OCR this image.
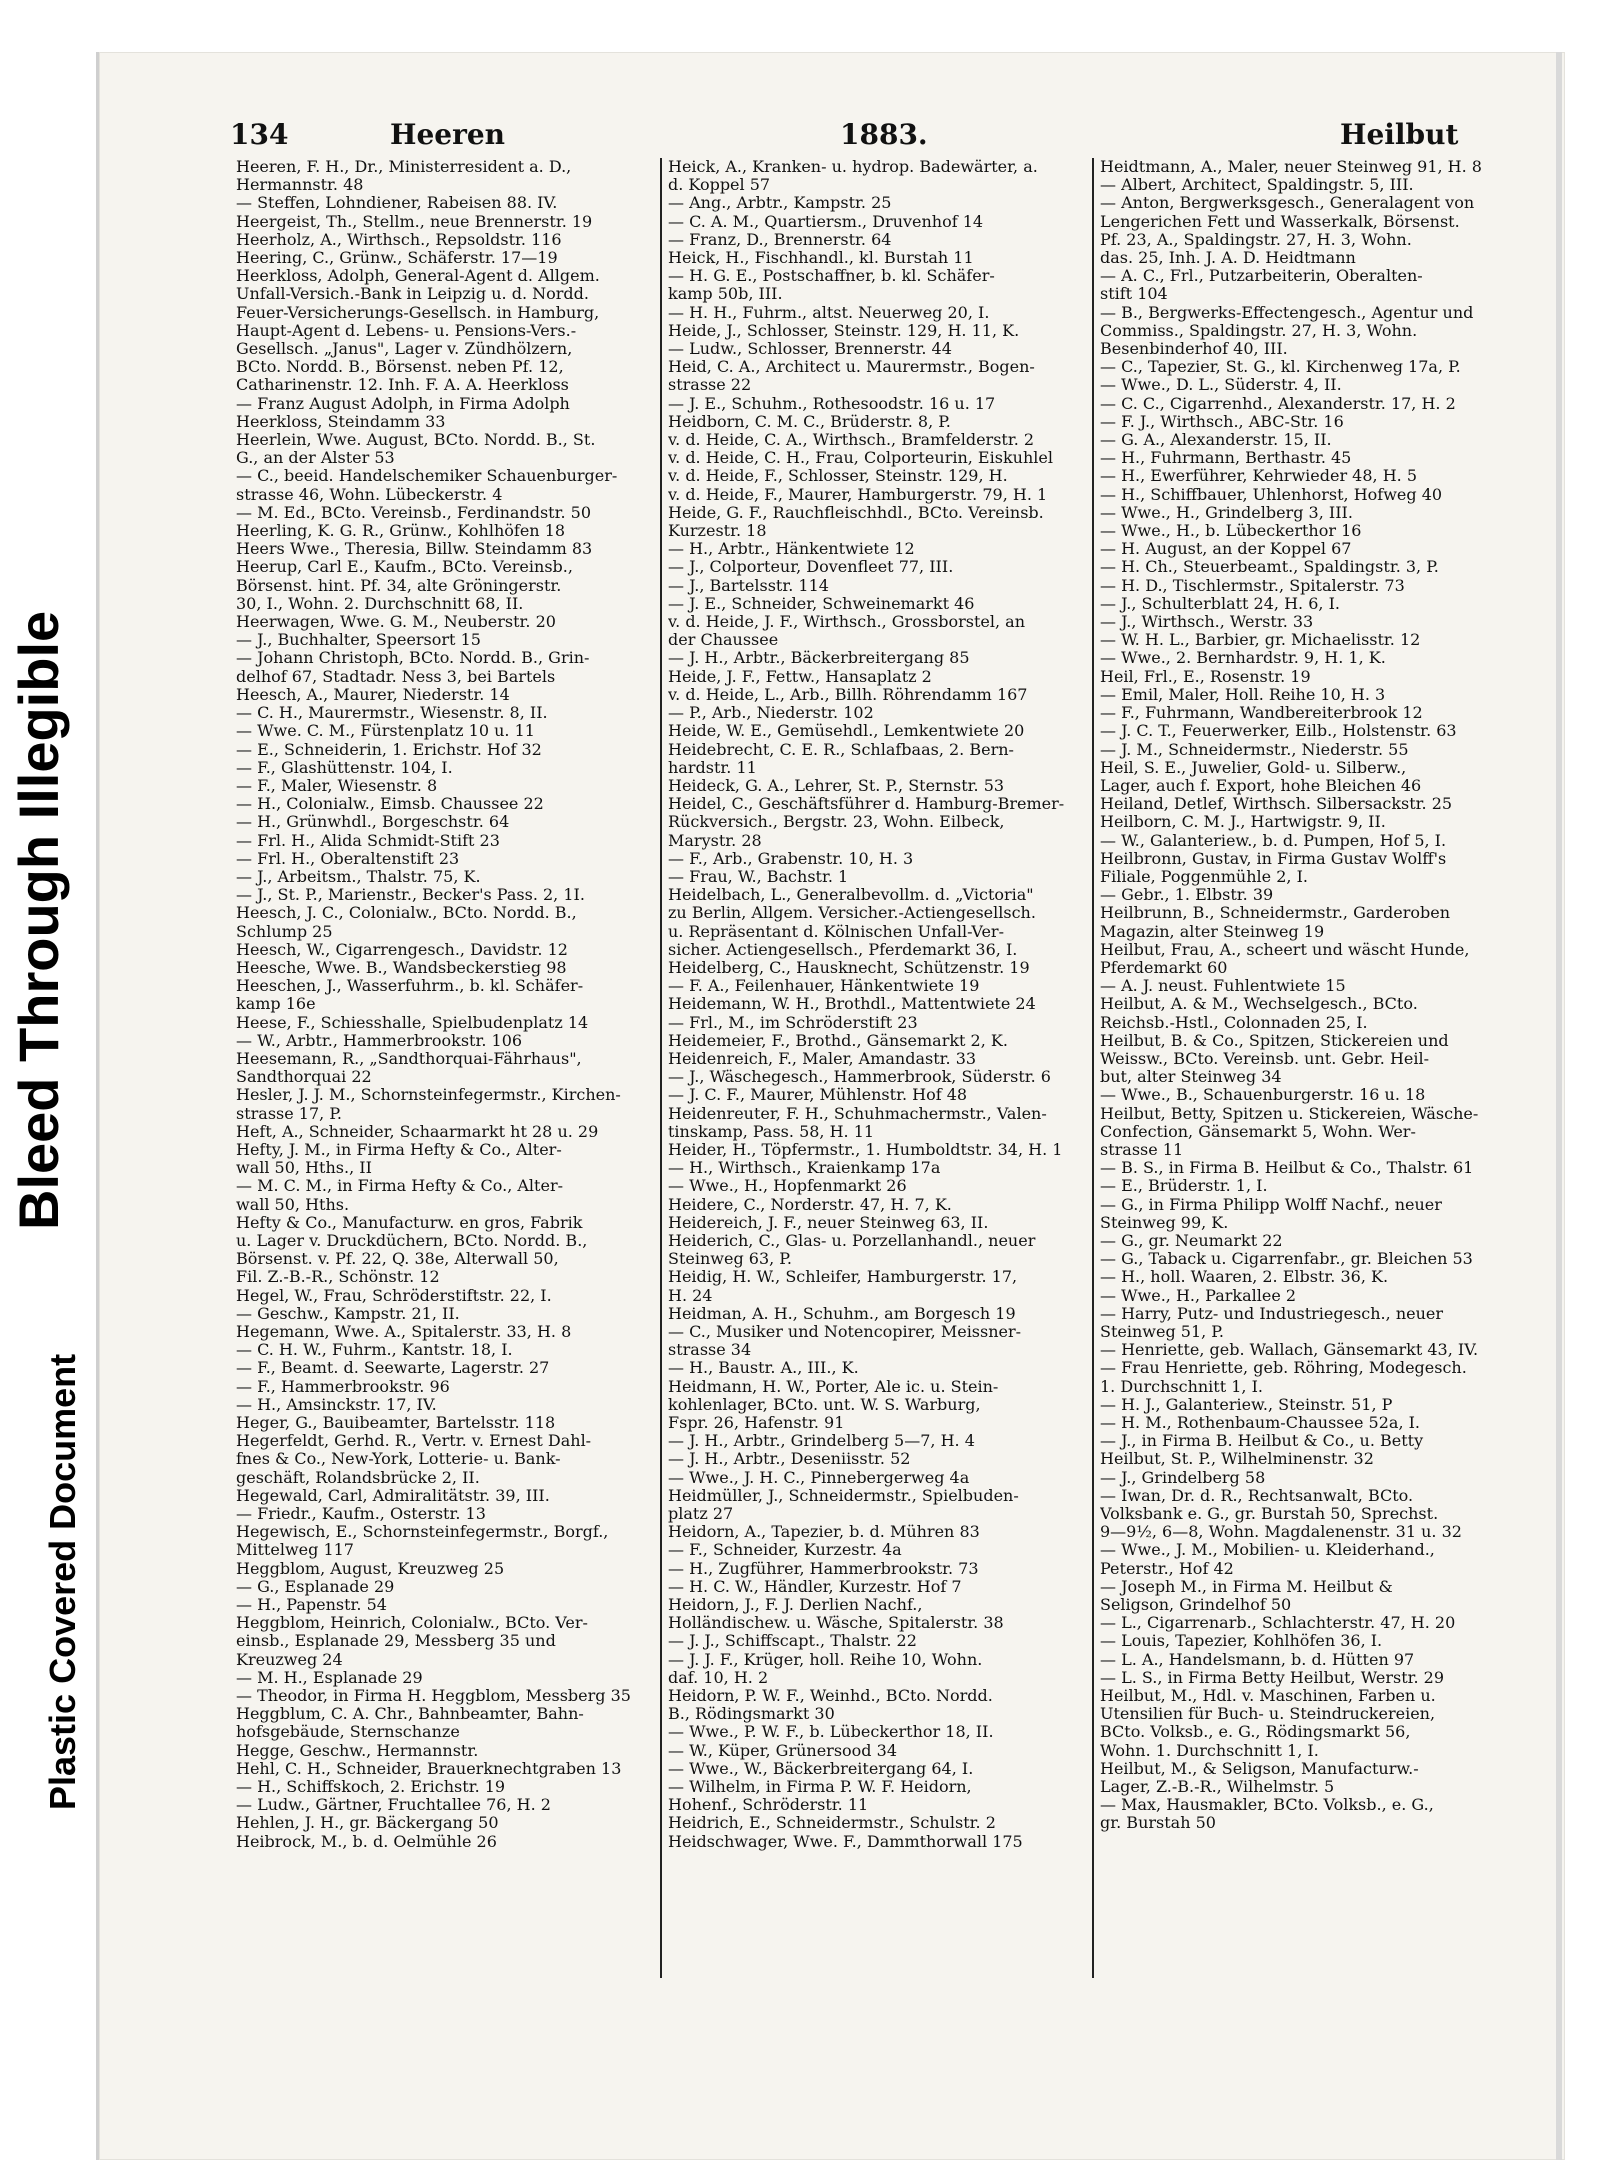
Bleed Through Illegible
Plastic Covered Document
134	Heeren	1883.	Heilbut
Heeren, F. H., Dr., Ministerresident a. D.,
Hermannstr. 48
— Steffen, Lohndiener, Rabeisen 88. IV.
Heergeist, Th., Stellm., neue Brennerstr. 19
Heerholz, A., Wirthsch., Repsoldstr. 116
Heering, C., Grünw., Schäferstr. 17—19
Heerkloss, Adolph, General-Agent d. Allgem.
Unfall-Versich.-Bank in Leipzig u. d. Nordd.
Feuer-Versicherungs-Gesellsch. in Hamburg,
Haupt-Agent d. Lebens- u. Pensions-Vers.-
Gesellsch. „Janus", Lager v. Zündhölzern,
BCto. Nordd. B., Börsenst. neben Pf. 12,
Catharinenstr. 12. Inh. F. A. A. Heerkloss
— Franz August Adolph, in Firma Adolph
Heerkloss, Steindamm 33
Heerlein, Wwe. August, BCto. Nordd. B., St.
G., an der Alster 53
— C., beeid. Handelschemiker Schauenburger-
strasse 46, Wohn. Lübeckerstr. 4
— M. Ed., BCto. Vereinsb., Ferdinandstr. 50
Heerling, K. G. R., Grünw., Kohlhöfen 18
Heers Wwe., Theresia, Billw. Steindamm 83
Heerup, Carl E., Kaufm., BCto. Vereinsb.,
Börsenst. hint. Pf. 34, alte Gröningerstr.
30, I., Wohn. 2. Durchschnitt 68, II.
Heerwagen, Wwe. G. M., Neuberstr. 20
— J., Buchhalter, Speersort 15
— Johann Christoph, BCto. Nordd. B., Grin-
delhof 67, Stadtadr. Ness 3, bei Bartels
Heesch, A., Maurer, Niederstr. 14
— C. H., Maurermstr., Wiesenstr. 8, II.
— Wwe. C. M., Fürstenplatz 10 u. 11
— E., Schneiderin, 1. Erichstr. Hof 32
— F., Glashüttenstr. 104, I.
— F., Maler, Wiesenstr. 8
— H., Colonialw., Eimsb. Chaussee 22
— H., Grünwhdl., Borgeschstr. 64
— Frl. H., Alida Schmidt-Stift 23
— Frl. H., Oberaltenstift 23
— J., Arbeitsm., Thalstr. 75, K.
— J., St. P., Marienstr., Becker's Pass. 2, 1I.
Heesch, J. C., Colonialw., BCto. Nordd. B.,
Schlump 25
Heesch, W., Cigarrengesch., Davidstr. 12
Heesche, Wwe. B., Wandsbeckerstieg 98
Heeschen, J., Wasserfuhrm., b. kl. Schäfer-
kamp 16e
Heese, F., Schiesshalle, Spielbudenplatz 14
— W., Arbtr., Hammerbrookstr. 106
Heesemann, R., „Sandthorquai-Fährhaus",
Sandthorquai 22
Hesler, J. J. M., Schornsteinfegermstr., Kirchen-
strasse 17, P.
Heft, A., Schneider, Schaarmarkt ht 28 u. 29
Hefty, J. M., in Firma Hefty & Co., Alter-
wall 50, Hths., II
— M. C. M., in Firma Hefty & Co., Alter-
wall 50, Hths.
Hefty & Co., Manufacturw. en gros, Fabrik
u. Lager v. Druckdüchern, BCto. Nordd. B.,
Börsenst. v. Pf. 22, Q. 38e, Alterwall 50,
Fil. Z.-B.-R., Schönstr. 12
Hegel, W., Frau, Schröderstiftstr. 22, I.
— Geschw., Kampstr. 21, II.
Hegemann, Wwe. A., Spitalerstr. 33, H. 8
— C. H. W., Fuhrm., Kantstr. 18, I.
— F., Beamt. d. Seewarte, Lagerstr. 27
— F., Hammerbrookstr. 96
— H., Amsinckstr. 17, IV.
Heger, G., Bauibeamter, Bartelsstr. 118
Hegerfeldt, Gerhd. R., Vertr. v. Ernest Dahl-
fnes & Co., New-York, Lotterie- u. Bank-
geschäft, Rolandsbrücke 2, II.
Hegewald, Carl, Admiralitätstr. 39, III.
— Friedr., Kaufm., Osterstr. 13
Hegewisch, E., Schornsteinfegermstr., Borgf.,
Mittelweg 117
Heggblom, August, Kreuzweg 25
— G., Esplanade 29
— H., Papenstr. 54
Heggblom, Heinrich, Colonialw., BCto. Ver-
einsb., Esplanade 29, Messberg 35 und
Kreuzweg 24
— M. H., Esplanade 29
— Theodor, in Firma H. Heggblom, Messberg 35
Heggblum, C. A. Chr., Bahnbeamter, Bahn-
hofsgebäude, Sternschanze
Hegge, Geschw., Hermannstr.
Hehl, C. H., Schneider, Brauerknechtgraben 13
— H., Schiffskoch, 2. Erichstr. 19
— Ludw., Gärtner, Fruchtallee 76, H. 2
Hehlen, J. H., gr. Bäckergang 50
Heibrock, M., b. d. Oelmühle 26
Heick, A., Kranken- u. hydrop. Badewärter, a.
d. Koppel 57
— Ang., Arbtr., Kampstr. 25
— C. A. M., Quartiersm., Druvenhof 14
— Franz, D., Brennerstr. 64
Heick, H., Fischhandl., kl. Burstah 11
— H. G. E., Postschaffner, b. kl. Schäfer-
kamp 50b, III.
— H. H., Fuhrm., altst. Neuerweg 20, I.
Heide, J., Schlosser, Steinstr. 129, H. 11, K.
— Ludw., Schlosser, Brennerstr. 44
Heid, C. A., Architect u. Maurermstr., Bogen-
strasse 22
— J. E., Schuhm., Rothesoodstr. 16 u. 17
Heidborn, C. M. C., Brüderstr. 8, P.
v. d. Heide, C. A., Wirthsch., Bramfelderstr. 2
v. d. Heide, C. H., Frau, Colporteurin, Eiskuhlel
v. d. Heide, F., Schlosser, Steinstr. 129, H.
v. d. Heide, F., Maurer, Hamburgerstr. 79, H. 1
Heide, G. F., Rauchfleischhdl., BCto. Vereinsb.
Kurzestr. 18
— H., Arbtr., Hänkentwiete 12
— J., Colporteur, Dovenfleet 77, III.
— J., Bartelsstr. 114
— J. E., Schneider, Schweinemarkt 46
v. d. Heide, J. F., Wirthsch., Grossborstel, an
der Chaussee
— J. H., Arbtr., Bäckerbreitergang 85
Heide, J. F., Fettw., Hansaplatz 2
v. d. Heide, L., Arb., Billh. Röhrendamm 167
— P., Arb., Niederstr. 102
Heide, W. E., Gemüsehdl., Lemkentwiete 20
Heidebrecht, C. E. R., Schlafbaas, 2. Bern-
hardstr. 11
Heideck, G. A., Lehrer, St. P., Sternstr. 53
Heidel, C., Geschäftsführer d. Hamburg-Bremer-
Rückversich., Bergstr. 23, Wohn. Eilbeck,
Marystr. 28
— F., Arb., Grabenstr. 10, H. 3
— Frau, W., Bachstr. 1
Heidelbach, L., Generalbevollm. d. „Victoria"
zu Berlin, Allgem. Versicher.-Actiengesellsch.
u. Repräsentant d. Kölnischen Unfall-Ver-
sicher. Actiengesellsch., Pferdemarkt 36, I.
Heidelberg, C., Hausknecht, Schützenstr. 19
— F. A., Feilenhauer, Hänkentwiete 19
Heidemann, W. H., Brothdl., Mattentwiete 24
— Frl., M., im Schröderstift 23
Heidemeier, F., Brothd., Gänsemarkt 2, K.
Heidenreich, F., Maler, Amandastr. 33
— J., Wäschegesch., Hammerbrook, Süderstr. 6
— J. C. F., Maurer, Mühlenstr. Hof 48
Heidenreuter, F. H., Schuhmachermstr., Valen-
tinskamp, Pass. 58, H. 11
Heider, H., Töpfermstr., 1. Humboldtstr. 34, H. 1
— H., Wirthsch., Kraienkamp 17a
— Wwe., H., Hopfenmarkt 26
Heidere, C., Norderstr. 47, H. 7, K.
Heidereich, J. F., neuer Steinweg 63, II.
Heiderich, C., Glas- u. Porzellanhandl., neuer
Steinweg 63, P.
Heidig, H. W., Schleifer, Hamburgerstr. 17,
H. 24
Heidman, A. H., Schuhm., am Borgesch 19
— C., Musiker und Notencopirer, Meissner-
strasse 34
— H., Baustr. A., III., K.
Heidmann, H. W., Porter, Ale ic. u. Stein-
kohlenlager, BCto. unt. W. S. Warburg,
Fspr. 26, Hafenstr. 91
— J. H., Arbtr., Grindelberg 5—7, H. 4
— J. H., Arbtr., Deseniisstr. 52
— Wwe., J. H. C., Pinnebergerweg 4a
Heidmüller, J., Schneidermstr., Spielbuden-
platz 27
Heidorn, A., Tapezier, b. d. Mühren 83
— F., Schneider, Kurzestr. 4a
— H., Zugführer, Hammerbrookstr. 73
— H. C. W., Händler, Kurzestr. Hof 7
Heidorn, J., F. J. Derlien Nachf.,
Holländischew. u. Wäsche, Spitalerstr. 38
— J. J., Schiffscapt., Thalstr. 22
— J. J. F., Krüger, holl. Reihe 10, Wohn.
daf. 10, H. 2
Heidorn, P. W. F., Weinhd., BCto. Nordd.
B., Rödingsmarkt 30
— Wwe., P. W. F., b. Lübeckerthor 18, II.
— W., Küper, Grünersood 34
— Wwe., W., Bäckerbreitergang 64, I.
— Wilhelm, in Firma P. W. F. Heidorn,
Hohenf., Schröderstr. 11
Heidrich, E., Schneidermstr., Schulstr. 2
Heidschwager, Wwe. F., Dammthorwall 175
Heidtmann, A., Maler, neuer Steinweg 91, H. 8
— Albert, Architect, Spaldingstr. 5, III.
— Anton, Bergwerksgesch., Generalagent von
Lengerichen Fett und Wasserkalk, Börsenst.
Pf. 23, A., Spaldingstr. 27, H. 3, Wohn.
das. 25, Inh. J. A. D. Heidtmann
— A. C., Frl., Putzarbeiterin, Oberalten-
stift 104
— B., Bergwerks-Effectengesch., Agentur und
Commiss., Spaldingstr. 27, H. 3, Wohn.
Besenbinderhof 40, III.
— C., Tapezier, St. G., kl. Kirchenweg 17a, P.
— Wwe., D. L., Süderstr. 4, II.
— C. C., Cigarrenhd., Alexanderstr. 17, H. 2
— F. J., Wirthsch., ABC-Str. 16
— G. A., Alexanderstr. 15, II.
— H., Fuhrmann, Berthastr. 45
— H., Ewerführer, Kehrwieder 48, H. 5
— H., Schiffbauer, Uhlenhorst, Hofweg 40
— Wwe., H., Grindelberg 3, III.
— Wwe., H., b. Lübeckerthor 16
— H. August, an der Koppel 67
— H. Ch., Steuerbeamt., Spaldingstr. 3, P.
— H. D., Tischlermstr., Spitalerstr. 73
— J., Schulterblatt 24, H. 6, I.
— J., Wirthsch., Werstr. 33
— W. H. L., Barbier, gr. Michaelisstr. 12
— Wwe., 2. Bernhardstr. 9, H. 1, K.
Heil, Frl., E., Rosenstr. 19
— Emil, Maler, Holl. Reihe 10, H. 3
— F., Fuhrmann, Wandbereiterbrook 12
— J. C. T., Feuerwerker, Eilb., Holstenstr. 63
— J. M., Schneidermstr., Niederstr. 55
Heil, S. E., Juwelier, Gold- u. Silberw.,
Lager, auch f. Export, hohe Bleichen 46
Heiland, Detlef, Wirthsch. Silbersackstr. 25
Heilborn, C. M. J., Hartwigstr. 9, II.
— W., Galanteriew., b. d. Pumpen, Hof 5, I.
Heilbronn, Gustav, in Firma Gustav Wolff's
Filiale, Poggenmühle 2, I.
— Gebr., 1. Elbstr. 39
Heilbrunn, B., Schneidermstr., Garderoben
Magazin, alter Steinweg 19
Heilbut, Frau, A., scheert und wäscht Hunde,
Pferdemarkt 60
— A. J. neust. Fuhlentwiete 15
Heilbut, A. & M., Wechselgesch., BCto.
Reichsb.-Hstl., Colonnaden 25, I.
Heilbut, B. & Co., Spitzen, Stickereien und
Weissw., BCto. Vereinsb. unt. Gebr. Heil-
but, alter Steinweg 34
— Wwe., B., Schauenburgerstr. 16 u. 18
Heilbut, Betty, Spitzen u. Stickereien, Wäsche-
Confection, Gänsemarkt 5, Wohn. Wer-
strasse 11
— B. S., in Firma B. Heilbut & Co., Thalstr. 61
— E., Brüderstr. 1, I.
— G., in Firma Philipp Wolff Nachf., neuer
Steinweg 99, K.
— G., gr. Neumarkt 22
— G., Taback u. Cigarrenfabr., gr. Bleichen 53
— H., holl. Waaren, 2. Elbstr. 36, K.
— Wwe., H., Parkallee 2
— Harry, Putz- und Industriegesch., neuer
Steinweg 51, P.
— Henriette, geb. Wallach, Gänsemarkt 43, IV.
— Frau Henriette, geb. Röhring, Modegesch.
1. Durchschnitt 1, I.
— H. J., Galanteriew., Steinstr. 51, P
— H. M., Rothenbaum-Chaussee 52a, I.
— J., in Firma B. Heilbut & Co., u. Betty
Heilbut, St. P., Wilhelminenstr. 32
— J., Grindelberg 58
— Iwan, Dr. d. R., Rechtsanwalt, BCto.
Volksbank e. G., gr. Burstah 50, Sprechst.
9—9½, 6—8, Wohn. Magdalenenstr. 31 u. 32
— Wwe., J. M., Mobilien- u. Kleiderhand.,
Peterstr., Hof 42
— Joseph M., in Firma M. Heilbut &
Seligson, Grindelhof 50
— L., Cigarrenarb., Schlachterstr. 47, H. 20
— Louis, Tapezier, Kohlhöfen 36, I.
— L. A., Handelsmann, b. d. Hütten 97
— L. S., in Firma Betty Heilbut, Werstr. 29
Heilbut, M., Hdl. v. Maschinen, Farben u.
Utensilien für Buch- u. Steindruckereien,
BCto. Volksb., e. G., Rödingsmarkt 56,
Wohn. 1. Durchschnitt 1, I.
Heilbut, M., & Seligson, Manufacturw.-
Lager, Z.-B.-R., Wilhelmstr. 5
— Max, Hausmakler, BCto. Volksb., e. G.,
gr. Burstah 50
